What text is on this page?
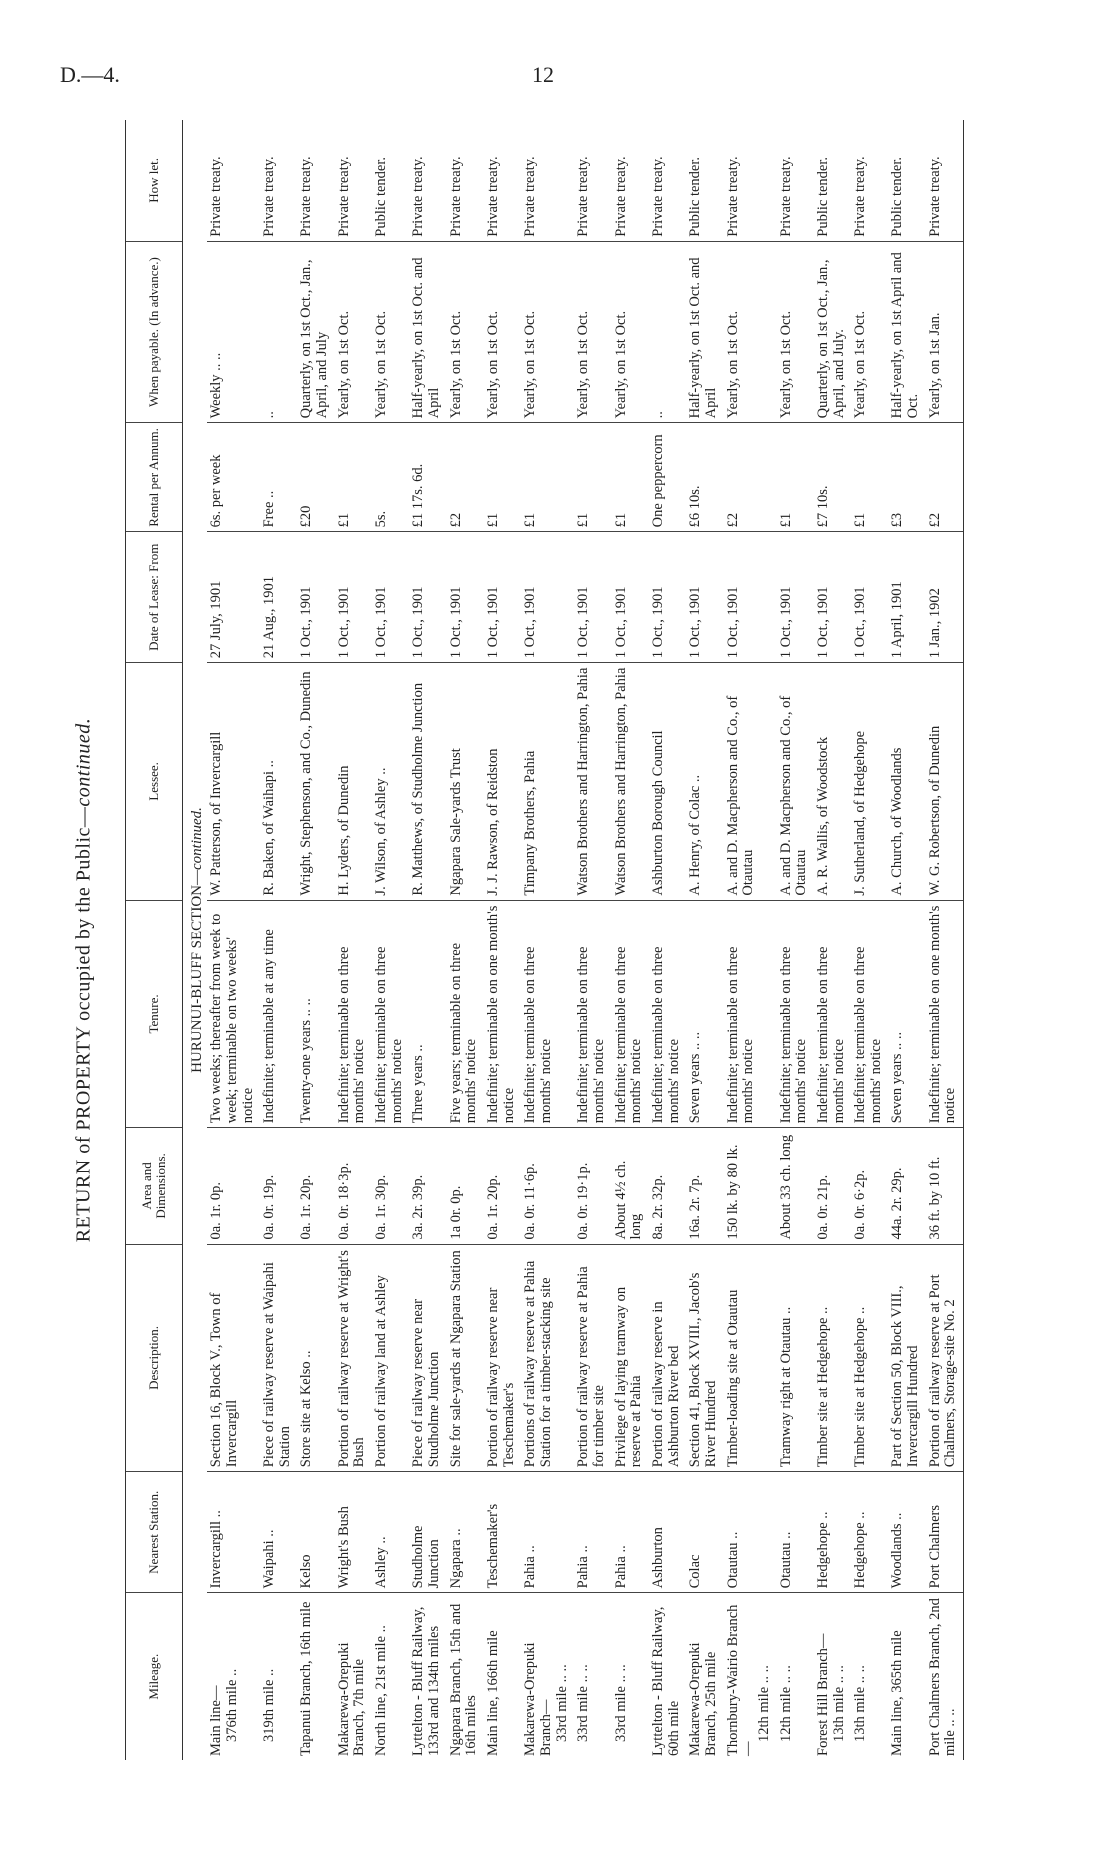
D.—4.	12
RETURN of PROPERTY occupied by the Public—continued.
Mileage.	Nearest Station.	Description.	Area and Dimensions.	Tenure.	Lessee.	Date of Lease: From	Rental per Annum.	When payable. (In advance.)	How let.
HURUNUI-BLUFF SECTION—continued.									

Main line— 376th mile ..	Invercargill ..	Section 16, Block V., Town of Invercargill	0a. 1r. 0p.	Two weeks; thereafter from week to week; terminable on two weeks' notice	W. Patterson, of Invercargill	27 July, 1901	6s. per week	Weekly .. ..	Private treaty.

319th mile ..	Waipahi ..	Piece of railway reserve at Waipahi Station	0a. 0r. 19p.	Indefinite; terminable at any time	R. Baken, of Waihapi ..	21 Aug., 1901	Free ..	..	Private treaty.

Tapanui Branch, 16th mile	Kelso	Store site at Kelso ..	0a. 1r. 20p.	Twenty-one years .. ..	Wright, Stephenson, and Co., Dunedin	1 Oct., 1901	£20	Quarterly, on 1st Oct., Jan., April, and July	Private treaty.

Makarewa-Orepuki Branch, 7th mile	Wright's Bush	Portion of railway reserve at Wright's Bush	0a. 0r. 18·3p.	Indefinite; terminable on three months' notice	H. Lyders, of Dunedin	1 Oct., 1901	£1	Yearly, on 1st Oct.	Private treaty.

North line, 21st mile ..	Ashley ..	Portion of railway land at Ashley	0a. 1r. 30p.	Indefinite; terminable on three months' notice	J. Wilson, of Ashley ..	1 Oct., 1901	5s.	Yearly, on 1st Oct.	Public tender.

Lyttelton - Bluff Railway, 133rd and 134th miles	Studholme Junction	Piece of railway reserve near Studholme Junction	3a. 2r. 39p.	Three years ..	R. Matthews, of Studholme Junction	1 Oct., 1901	£1 17s. 6d.	Half-yearly, on 1st Oct. and April	Private treaty.

Ngapara Branch, 15th and 16th miles	Ngapara ..	Site for sale-yards at Ngapara Station	1a 0r. 0p.	Five years; terminable on three months' notice	Ngapara Sale-yards Trust	1 Oct., 1901	£2	Yearly, on 1st Oct.	Private treaty.

Main line, 166th mile	Teschemaker's	Portion of railway reserve near Teschemaker's	0a. 1r. 20p.	Indefinite; terminable on one month's notice	J. J. Rawson, of Reidston	1 Oct., 1901	£1	Yearly, on 1st Oct.	Private treaty.

Makarewa-Orepuki Branch— 33rd mile .. ..	Pahia ..	Portions of railway reserve at Pahia Station for a timber-stacking site	0a. 0r. 11·6p.	Indefinite; terminable on three months' notice	Timpany Brothers, Pahia	1 Oct., 1901	£1	Yearly, on 1st Oct.	Private treaty.

33rd mile .. ..	Pahia ..	Portion of railway reserve at Pahia for timber site	0a. 0r. 19·1p.	Indefinite; terminable on three months' notice	Watson Brothers and Harrington, Pahia	1 Oct., 1901	£1	Yearly, on 1st Oct.	Private treaty.

33rd mile .. ..	Pahia ..	Privilege of laying tramway on reserve at Pahia	About 4½ ch. long	Indefinite; terminable on three months' notice	Watson Brothers and Harrington, Pahia	1 Oct., 1901	£1	Yearly, on 1st Oct.	Private treaty.

Lyttelton - Bluff Railway, 60th mile	Ashburton	Portion of railway reserve in Ashburton River bed	8a. 2r. 32p.	Indefinite; terminable on three months' notice	Ashburton Borough Council	1 Oct., 1901	One peppercorn	..	Private treaty.

Makarewa-Orepuki Branch, 25th mile	Colac	Section 41, Block XVIII., Jacob's River Hundred	16a. 2r. 7p.	Seven years .. ..	A. Henry, of Colac ..	1 Oct., 1901	£6 10s.	Half-yearly, on 1st Oct. and April	Public tender.

Thornbury-Wairio Branch—
12th mile .. ..	Otautau ..	Timber-loading site at Otautau	150 lk. by 80 lk.	Indefinite; terminable on three months' notice	A. and D. Macpherson and Co., of Otautau	1 Oct., 1901	£2	Yearly, on 1st Oct.	Private treaty.

12th mile .. ..	Otautau ..	Tramway right at Otautau ..	About 33 ch. long	Indefinite; terminable on three months' notice	A. and D. Macpherson and Co., of Otautau	1 Oct., 1901	£1	Yearly, on 1st Oct.	Private treaty.

Forest Hill Branch— 13th mile .. ..	Hedgehope ..	Timber site at Hedgehope ..	0a. 0r. 21p.	Indefinite; terminable on three months' notice	A. R. Wallis, of Woodstock	1 Oct., 1901	£7 10s.	Quarterly, on 1st Oct., Jan., April, and July.	Public tender.

13th mile .. ..	Hedgehope ..	Timber site at Hedgehope ..	0a. 0r. 6·2p.	Indefinite; terminable on three months' notice	J. Sutherland, of Hedgehope	1 Oct., 1901	£1	Yearly, on 1st Oct.	Private treaty.

Main line, 365th mile	Woodlands ..	Part of Section 50, Block VIII., Invercargill Hundred	44a. 2r. 29p.	Seven years .. ..	A. Church, of Woodlands	1 April, 1901	£3	Half-yearly, on 1st April and Oct.	Public tender.

Port Chalmers Branch, 2nd mile .. ..	Port Chalmers	Portion of railway reserve at Port Chalmers, Storage-site No. 2	36 ft. by 10 ft.	Indefinite; terminable on one month's notice	W. G. Robertson, of Dunedin	1 Jan., 1902	£2	Yearly, on 1st Jan.	Private treaty.
